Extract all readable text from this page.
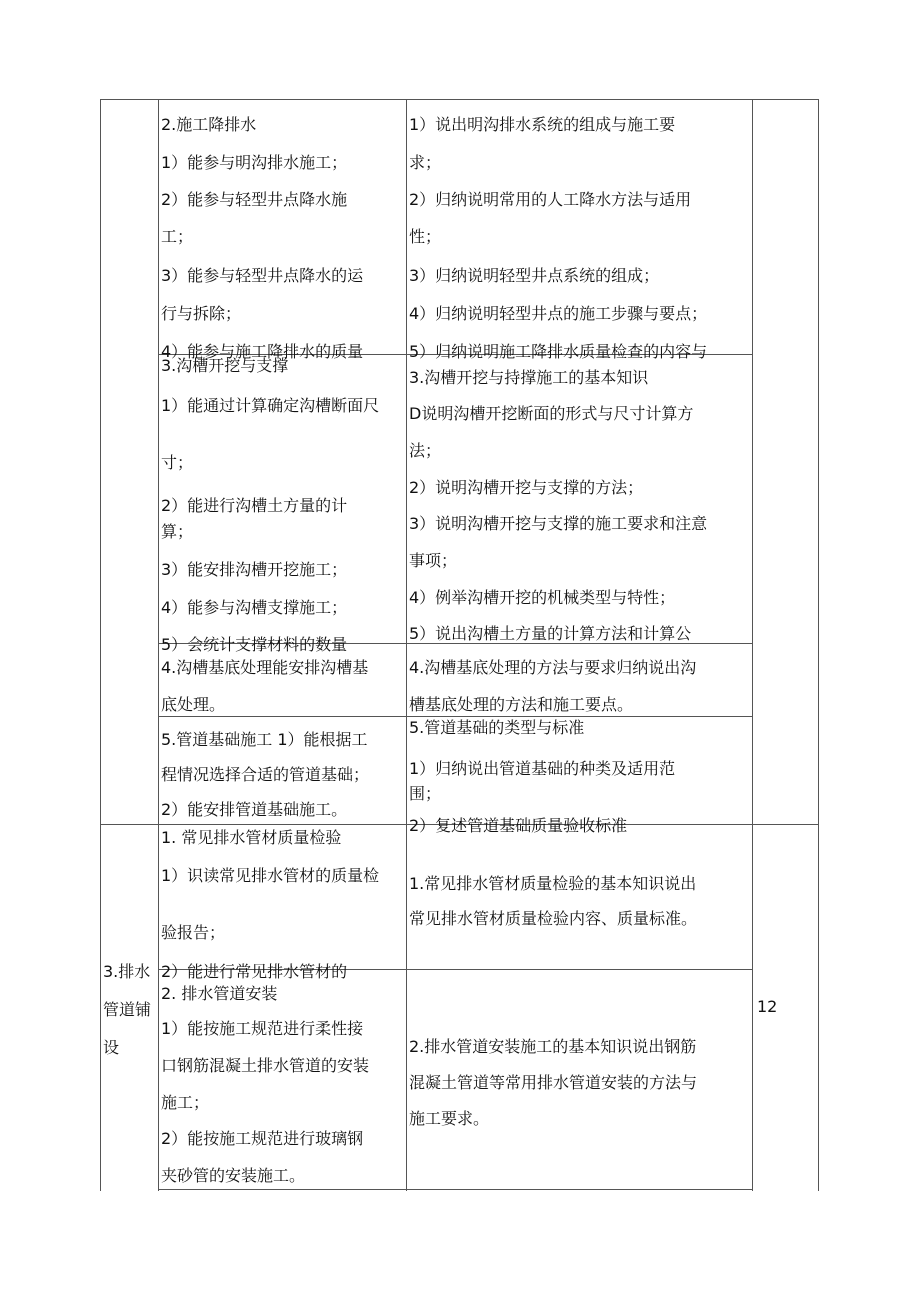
2.施工降排水

1）能参与明沟排水施工；

2）能参与轻型井点降水施

工；

3）能参与轻型井点降水的运

行与拆除；

4）能参与施工降排水的质量

1）说出明沟排水系统的组成与施工要

求；

2）归纳说明常用的人工降水方法与适用

性；

3）归纳说明轻型井点系统的组成；

4）归纳说明轻型井点的施工步骤与要点；

5）归纳说明施工降排水质量检查的内容与

3.沟槽开挖与支撑

1）能通过计算确定沟槽断面尺

寸；

2）能进行沟槽土方量的计

算；

3）能安排沟槽开挖施工；

4）能参与沟槽支撑施工；

5）会统计支撑材料的数量

3.沟槽开挖与持撑施工的基本知识

D说明沟槽开挖断面的形式与尺寸计算方

法；

2）说明沟槽开挖与支撑的方法；

3）说明沟槽开挖与支撑的施工要求和注意

事项；

4）例举沟槽开挖的机械类型与特性；

5）说出沟槽土方量的计算方法和计算公

4.沟槽基底处理能安排沟槽基

底处理。

4.沟槽基底处理的方法与要求归纳说出沟

槽基底处理的方法和施工要点。

5.管道基础施工 1）能根据工

程情况选择合适的管道基础；

2）能安排管道基础施工。

5.管道基础的类型与标准

1）归纳说出管道基础的种类及适用范

围；

2）复述管道基础质量验收标准

1. 常见排水管材质量检验

1）识读常见排水管材的质量检

验报告；

2）能进行常见排水管材的

1.常见排水管材质量检验的基本知识说出

常见排水管材质量检验内容、质量标准。

2. 排水管道安装

1）能按施工规范进行柔性接

口钢筋混凝土排水管道的安装

施工；

2）能按施工规范进行玻璃钢

夹砂管的安装施工。

2.排水管道安装施工的基本知识说出钢筋

混凝土管道等常用排水管道安装的方法与

施工要求。

3.排水

管道铺

设

12
